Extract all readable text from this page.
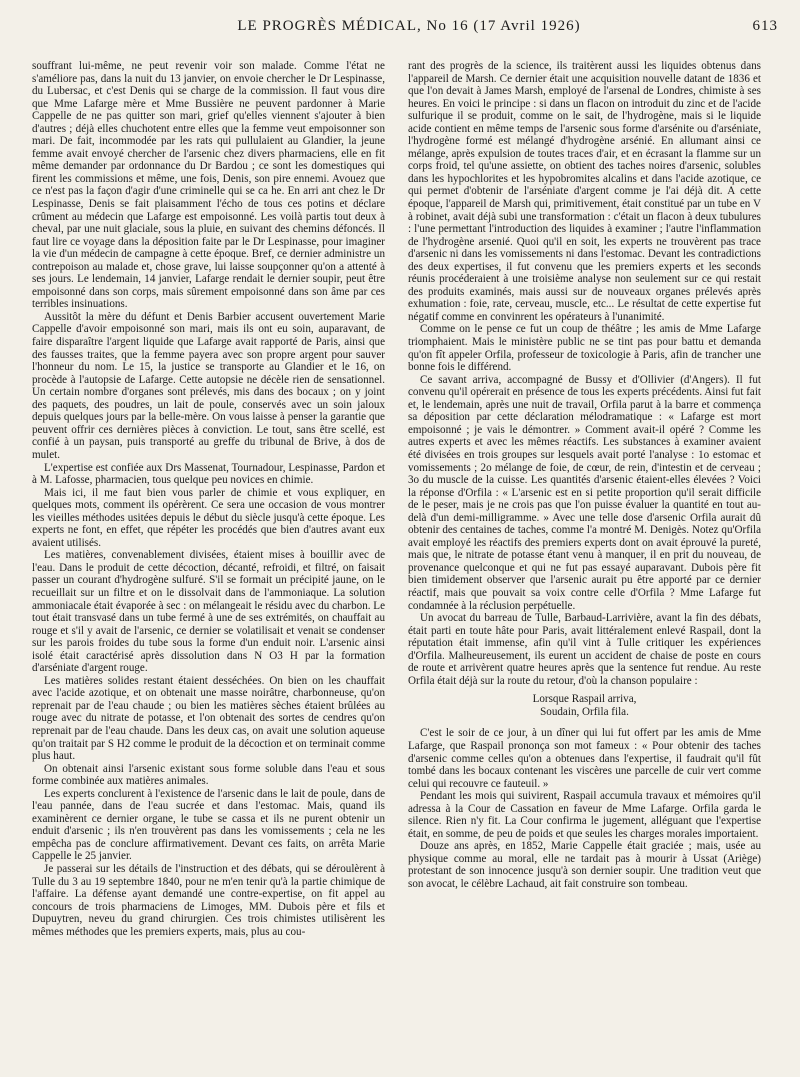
LE PROGRÈS MÉDICAL, No 16 (17 Avril 1926)	613

souffrant lui-même, ne peut revenir voir son malade. Comme l'état ne s'améliore pas, dans la nuit du 13 janvier, on envoie chercher le Dr Lespinasse, du Lubersac, et c'est Denis qui se charge de la commission. Il faut vous dire que Mme Lafarge mère et Mme Bussière ne peuvent pardonner à Marie Cappelle de ne pas quitter son mari, grief qu'elles viennent s'ajouter à bien d'autres ; déjà elles chuchotent entre elles que la femme veut empoisonner son mari. De fait, incommodée par les rats qui pullulaient au Glandier, la jeune femme avait envoyé chercher de l'arsenic chez divers pharmaciens, elle en fit même demander par ordonnance du Dr Bardou ; ce sont les domestiques qui firent les commissions et même, une fois, Denis, son pire ennemi. Avouez que ce n'est pas la façon d'agir d'une criminelle qui se ca he. En arri ant chez le Dr Lespinasse, Denis se fait plaisamment l'écho de tous ces potins et déclare crûment au médecin que Lafarge est empoisonné. Les voilà partis tout deux à cheval, par une nuit glaciale, sous la pluie, en suivant des chemins défoncés. Il faut lire ce voyage dans la déposition faite par le Dr Lespinasse, pour imaginer la vie d'un médecin de campagne à cette époque. Bref, ce dernier administre un contrepoison au malade et, chose grave, lui laisse soupçonner qu'on a attenté à ses jours. Le lendemain, 14 janvier, Lafarge rendait le dernier soupir, peut être empoisonné dans son corps, mais sûrement empoisonné dans son âme par ces terribles insinuations.

Aussitôt la mère du défunt et Denis Barbier accusent ouvertement Marie Cappelle d'avoir empoisonné son mari, mais ils ont eu soin, auparavant, de faire disparaître l'argent liquide que Lafarge avait rapporté de Paris, ainsi que des fausses traites, que la femme payera avec son propre argent pour sauver l'honneur du nom. Le 15, la justice se transporte au Glandier et le 16, on procède à l'autopsie de Lafarge. Cette autopsie ne décèle rien de sensationnel. Un certain nombre d'organes sont prélevés, mis dans des bocaux ; on y joint des paquets, des poudres, un lait de poule, conservés avec un soin jaloux depuis quelques jours par la belle-mère. On vous laisse à penser la garantie que peuvent offrir ces dernières pièces à conviction. Le tout, sans être scellé, est confié à un paysan, puis transporté au greffe du tribunal de Brive, à dos de mulet.

L'expertise est confiée aux Drs Massenat, Tournadour, Lespinasse, Pardon et à M. Lafosse, pharmacien, tous quelque peu novices en chimie.

Mais ici, il me faut bien vous parler de chimie et vous expliquer, en quelques mots, comment ils opérèrent. Ce sera une occasion de vous montrer les vieilles méthodes usitées depuis le début du siècle jusqu'à cette époque. Les experts ne font, en effet, que répéter les procédés que bien d'autres avant eux avaient utilisés.

Les matières, convenablement divisées, étaient mises à bouillir avec de l'eau. Dans le produit de cette décoction, décanté, refroidi, et filtré, on faisait passer un courant d'hydrogène sulfuré. S'il se formait un précipité jaune, on le recueillait sur un filtre et on le dissolvait dans de l'ammoniaque. La solution ammoniacale était évaporée à sec : on mélangeait le résidu avec du charbon. Le tout était transvasé dans un tube fermé à une de ses extrémités, on chauffait au rouge et s'il y avait de l'arsenic, ce dernier se volatilisait et venait se condenser sur les parois froides du tube sous la forme d'un enduit noir. L'arsenic ainsi isolé était caractérisé après dissolution dans N O3 H par la formation d'arséniate d'argent rouge.

Les matières solides restant étaient desséchées. On bien on les chauffait avec l'acide azotique, et on obtenait une masse noirâtre, charbonneuse, qu'on reprenait par de l'eau chaude ; ou bien les matières sèches étaient brûlées au rouge avec du nitrate de potasse, et l'on obtenait des sortes de cendres qu'on reprenait par de l'eau chaude. Dans les deux cas, on avait une solution aqueuse qu'on traitait par S H2 comme le produit de la décoction et on terminait comme plus haut.

On obtenait ainsi l'arsenic existant sous forme soluble dans l'eau et sous forme combinée aux matières animales.

Les experts conclurent à l'existence de l'arsenic dans le lait de poule, dans de l'eau pannée, dans de l'eau sucrée et dans l'estomac. Mais, quand ils examinèrent ce dernier organe, le tube se cassa et ils ne purent obtenir un enduit d'arsenic ; ils n'en trouvèrent pas dans les vomissements ; cela ne les empêcha pas de conclure affirmativement. Devant ces faits, on arrêta Marie Cappelle le 25 janvier.

Je passerai sur les détails de l'instruction et des débats, qui se déroulèrent à Tulle du 3 au 19 septembre 1840, pour ne m'en tenir qu'à la partie chimique de l'affaire. La défense ayant demandé une contre-expertise, on fit appel au concours de trois pharmaciens de Limoges, MM. Dubois père et fils et Dupuytren, neveu du grand chirurgien. Ces trois chimistes utilisèrent les mêmes méthodes que les premiers experts, mais, plus au cou-

rant des progrès de la science, ils traitèrent aussi les liquides obtenus dans l'appareil de Marsh. Ce dernier était une acquisition nouvelle datant de 1836 et que l'on devait à James Marsh, employé de l'arsenal de Londres, chimiste à ses heures. En voici le principe : si dans un flacon on introduit du zinc et de l'acide sulfurique il se produit, comme on le sait, de l'hydrogène, mais si le liquide acide contient en même temps de l'arsenic sous forme d'arsénite ou d'arséniate, l'hydrogène formé est mélangé d'hydrogène arsénié. En allumant ainsi ce mélange, après expulsion de toutes traces d'air, et en écrasant la flamme sur un corps froid, tel qu'une assiette, on obtient des taches noires d'arsenic, solubles dans les hypochlorites et les hypobromites alcalins et dans l'acide azotique, ce qui permet d'obtenir de l'arséniate d'argent comme je l'ai déjà dit. A cette époque, l'appareil de Marsh qui, primitivement, était constitué par un tube en V à robinet, avait déjà subi une transformation : c'était un flacon à deux tubulures : l'une permettant l'introduction des liquides à examiner ; l'autre l'inflammation de l'hydrogène arsenié. Quoi qu'il en soit, les experts ne trouvèrent pas trace d'arsenic ni dans les vomissements ni dans l'estomac. Devant les contradictions des deux expertises, il fut convenu que les premiers experts et les seconds réunis procéderaient à une troisième analyse non seulement sur ce qui restait des produits examinés, mais aussi sur de nouveaux organes prélevés après exhumation : foie, rate, cerveau, muscle, etc... Le résultat de cette expertise fut négatif comme en convinrent les opérateurs à l'unanimité.

Comme on le pense ce fut un coup de théâtre ; les amis de Mme Lafarge triomphaient. Mais le ministère public ne se tint pas pour battu et demanda qu'on fît appeler Orfila, professeur de toxicologie à Paris, afin de trancher une bonne fois le différend.

Ce savant arriva, accompagné de Bussy et d'Ollivier (d'Angers). Il fut convenu qu'il opérerait en présence de tous les experts précédents. Ainsi fut fait et, le lendemain, après une nuit de travail, Orfila parut à la barre et commença sa déposition par cette déclaration mélodramatique : « Lafarge est mort empoisonné ; je vais le démontrer. » Comment avait-il opéré ? Comme les autres experts et avec les mêmes réactifs. Les substances à examiner avaient été divisées en trois groupes sur lesquels avait porté l'analyse : 1o estomac et vomissements ; 2o mélange de foie, de cœur, de rein, d'intestin et de cerveau ; 3o du muscle de la cuisse. Les quantités d'arsenic étaient-elles élevées ? Voici la réponse d'Orfila : « L'arsenic est en si petite proportion qu'il serait difficile de le peser, mais je ne crois pas que l'on puisse évaluer la quantité en tout au-delà d'un demi-milligramme. » Avec une telle dose d'arsenic Orfila aurait dû obtenir des centaines de taches, comme l'a montré M. Denigès. Notez qu'Orfila avait employé les réactifs des premiers experts dont on avait éprouvé la pureté, mais que, le nitrate de potasse étant venu à manquer, il en prit du nouveau, de provenance quelconque et qui ne fut pas essayé auparavant. Dubois père fit bien timidement observer que l'arsenic aurait pu être apporté par ce dernier réactif, mais que pouvait sa voix contre celle d'Orfila ? Mme Lafarge fut condamnée à la réclusion perpétuelle.

Un avocat du barreau de Tulle, Barbaud-Larrivière, avant la fin des débats, était parti en toute hâte pour Paris, avait littéralement enlevé Raspail, dont la réputation était immense, afin qu'il vint à Tulle critiquer les expériences d'Orfila. Malheureusement, ils eurent un accident de chaise de poste en cours de route et arrivèrent quatre heures après que la sentence fut rendue. Au reste Orfila était déjà sur la route du retour, d'où la chanson populaire :

Lorsque Raspail arriva,
Soudain, Orfila fila.

C'est le soir de ce jour, à un dîner qui lui fut offert par les amis de Mme Lafarge, que Raspail prononça son mot fameux : « Pour obtenir des taches d'arsenic comme celles qu'on a obtenues dans l'expertise, il faudrait qu'il fût tombé dans les bocaux contenant les viscères une parcelle de cuir vert comme celui qui recouvre ce fauteuil. »

Pendant les mois qui suivirent, Raspail accumula travaux et mémoires qu'il adressa à la Cour de Cassation en faveur de Mme Lafarge. Orfila garda le silence. Rien n'y fit. La Cour confirma le jugement, alléguant que l'expertise était, en somme, de peu de poids et que seules les charges morales importaient.

Douze ans après, en 1852, Marie Cappelle était graciée ; mais, usée au physique comme au moral, elle ne tardait pas à mourir à Ussat (Ariège) protestant de son innocence jusqu'à son dernier soupir. Une tradition veut que son avocat, le célèbre Lachaud, ait fait construire son tombeau.
